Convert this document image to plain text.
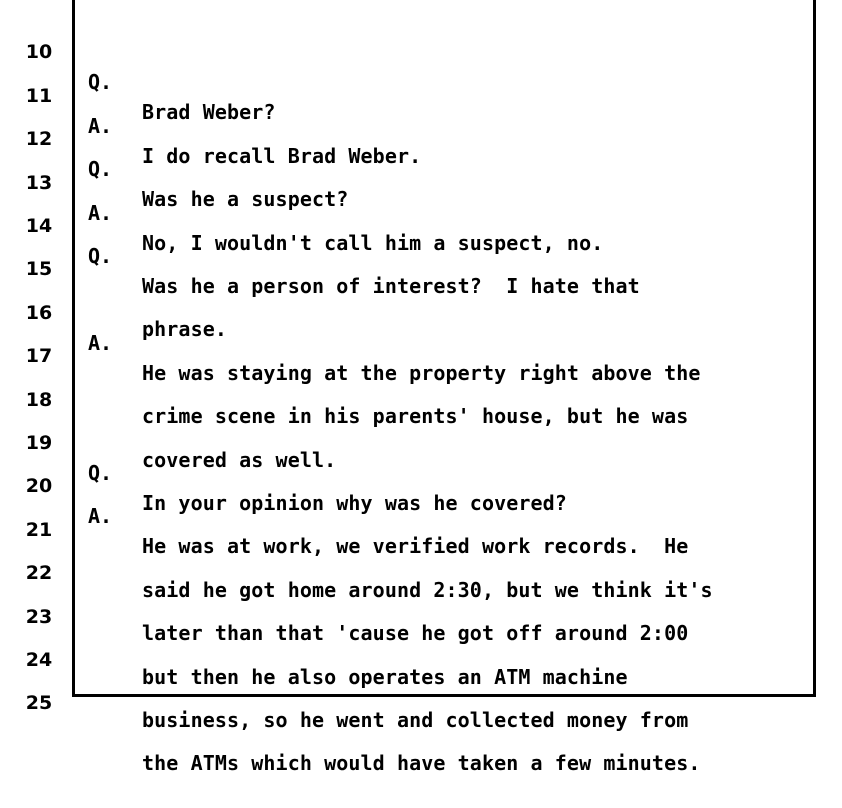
10

Q.

Brad Weber?

11

A.

I do recall Brad Weber.

12

Q.

Was he a suspect?

13

A.

No, I wouldn't call him a suspect, no.

14

Q.

Was he a person of interest?  I hate that

15

phrase.

16

A.

He was staying at the property right above the

17

crime scene in his parents' house, but he was

18

covered as well.

19

Q.

In your opinion why was he covered?

20

A.

He was at work, we verified work records.  He

21

said he got home around 2:30, but we think it's

22

later than that 'cause he got off around 2:00

23

but then he also operates an ATM machine

24

business, so he went and collected money from

25

the ATMs which would have taken a few minutes.
